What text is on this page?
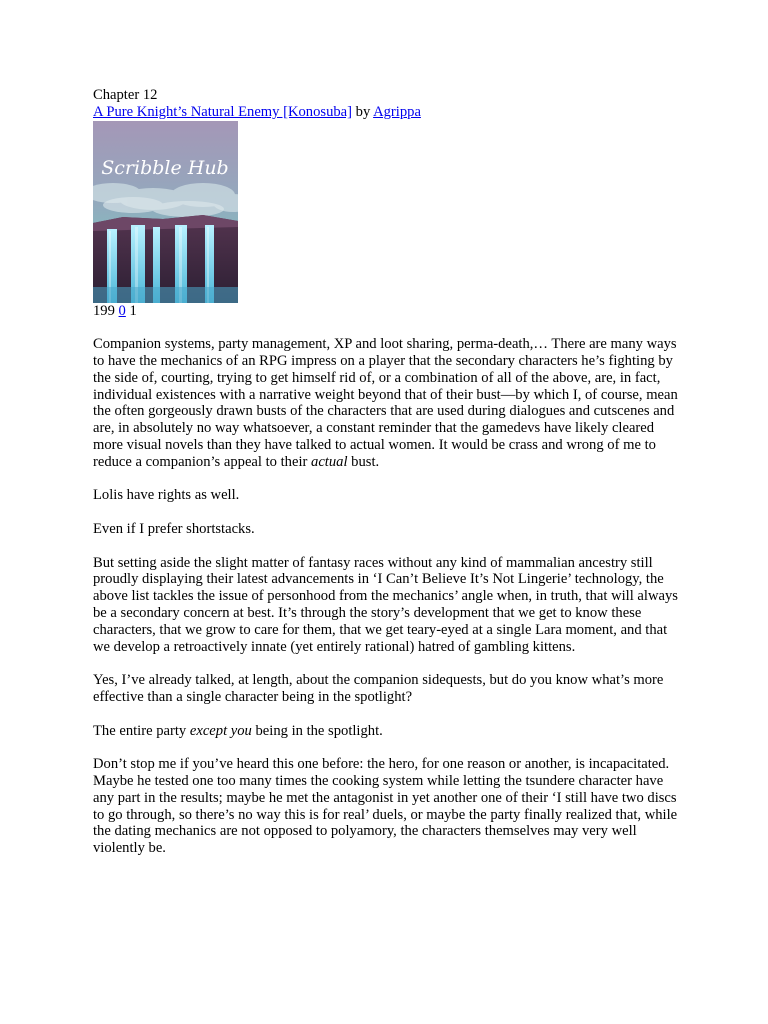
Chapter 12
A Pure Knight’s Natural Enemy [Konosuba] by Agrippa
Scribble Hub
199 0 1

Companion systems, party management, XP and loot sharing, perma-death,… There are many ways to have the mechanics of an RPG impress on a player that the secondary characters he’s fighting by the side of, courting, trying to get himself rid of, or a combination of all of the above, are, in fact, individual existences with a narrative weight beyond that of their bust—by which I, of course, mean the often gorgeously drawn busts of the characters that are used during dialogues and cutscenes and are, in absolutely no way whatsoever, a constant reminder that the gamedevs have likely cleared more visual novels than they have talked to actual women. It would be crass and wrong of me to reduce a companion’s appeal to their actual bust.

Lolis have rights as well.

Even if I prefer shortstacks.

But setting aside the slight matter of fantasy races without any kind of mammalian ancestry still proudly displaying their latest advancements in ‘I Can’t Believe It’s Not Lingerie’ technology, the above list tackles the issue of personhood from the mechanics’ angle when, in truth, that will always be a secondary concern at best. It’s through the story’s development that we get to know these characters, that we grow to care for them, that we get teary-eyed at a single Lara moment, and that we develop a retroactively innate (yet entirely rational) hatred of gambling kittens.

Yes, I’ve already talked, at length, about the companion sidequests, but do you know what’s more effective than a single character being in the spotlight?

The entire party except you being in the spotlight.

Don’t stop me if you’ve heard this one before: the hero, for one reason or another, is incapacitated. Maybe he tested one too many times the cooking system while letting the tsundere character have any part in the results; maybe he met the antagonist in yet another one of their ‘I still have two discs to go through, so there’s no way this is for real’ duels, or maybe the party finally realized that, while the dating mechanics are not opposed to polyamory, the characters themselves may very well violently be.
